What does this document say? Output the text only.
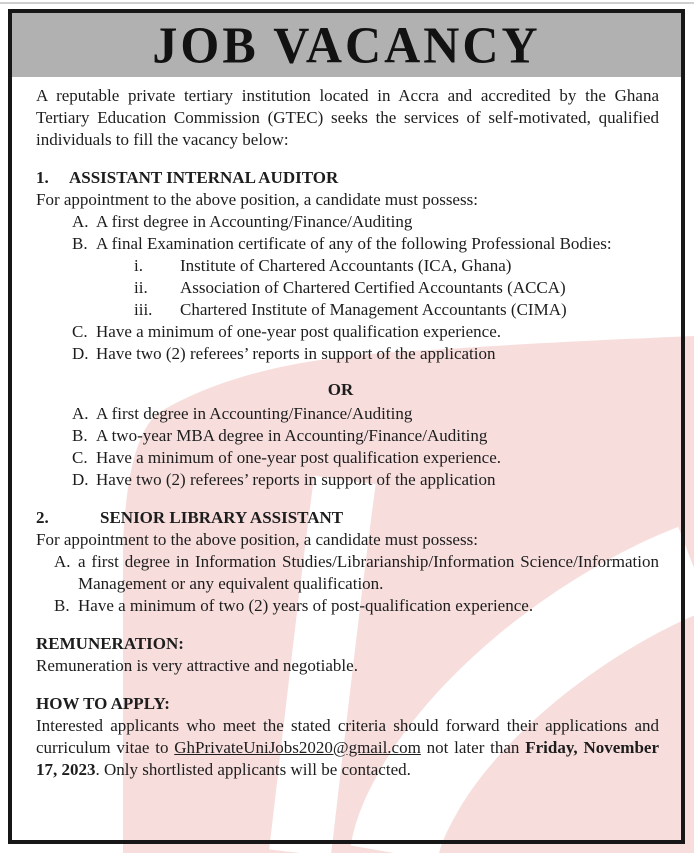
JOB VACANCY

A reputable private tertiary institution located in Accra and accredited by the Ghana Tertiary Education Commission (GTEC) seeks the services of self-motivated, qualified individuals to fill the vacancy below:

1. ASSISTANT INTERNAL AUDITOR

For appointment to the above position, a candidate must possess:

A. A first degree in Accounting/Finance/Auditing
B. A final Examination certificate of any of the following Professional Bodies:
i.	Institute of Chartered Accountants (ICA, Ghana)
ii.	Association of Chartered Certified Accountants (ACCA)
iii.	Chartered Institute of Management Accountants (CIMA)
C. Have a minimum of one-year post qualification experience.
D. Have two (2) referees’ reports in support of the application
OR
A. A first degree in Accounting/Finance/Auditing
B. A two-year MBA degree in Accounting/Finance/Auditing
C. Have a minimum of one-year post qualification experience.
D. Have two (2) referees’ reports in support of the application
2.	SENIOR LIBRARY ASSISTANT

For appointment to the above position, a candidate must possess:

A. a first degree in Information Studies/Librarianship/Information Science/Information Management or any equivalent qualification.
B. Have a minimum of two (2) years of post-qualification experience.
REMUNERATION:

Remuneration is very attractive and negotiable.

HOW TO APPLY:

Interested applicants who meet the stated criteria should forward their applications and curriculum vitae to GhPrivateUniJobs2020@gmail.com not later than Friday, November 17, 2023. Only shortlisted applicants will be contacted.
